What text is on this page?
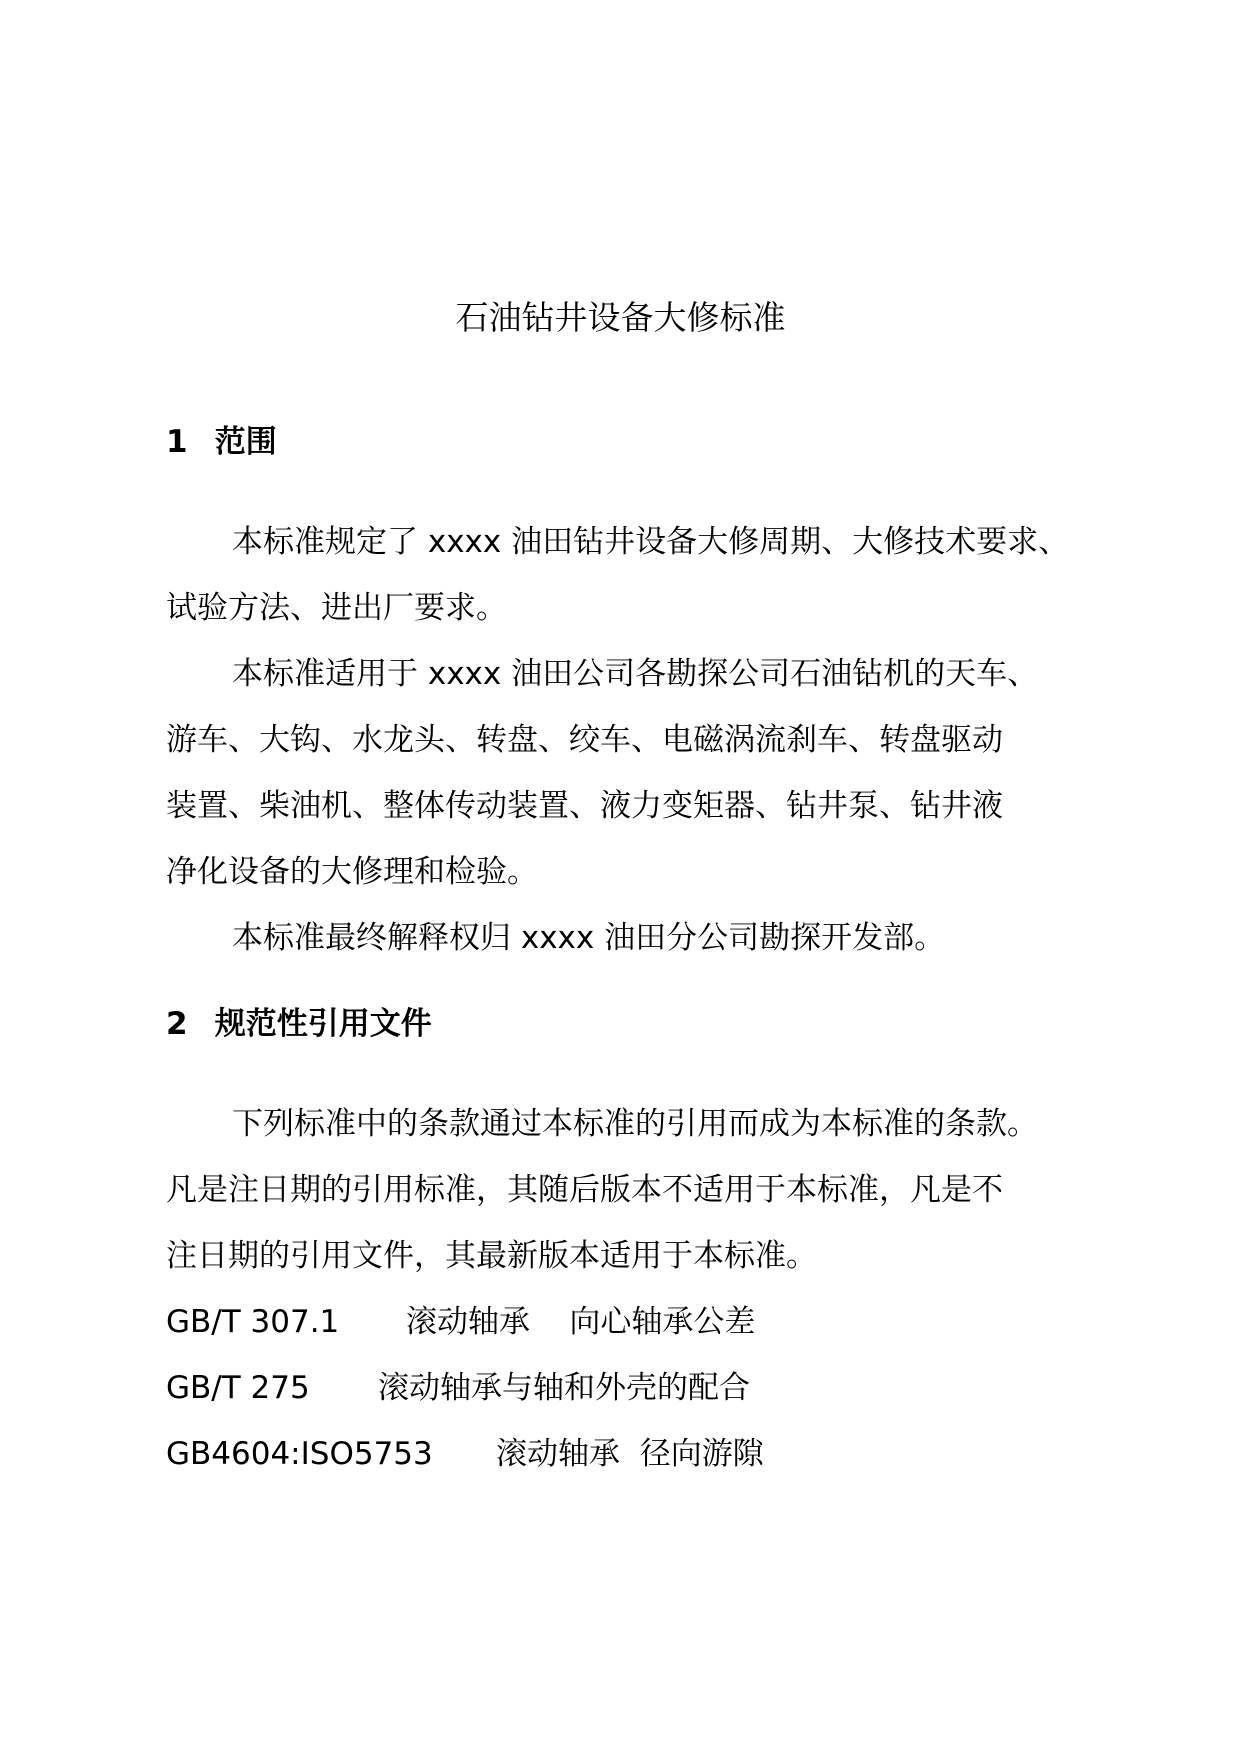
石油钻井设备大修标准
1 范围

本标准规定了 xxxx 油田钻井设备大修周期、大修技术要求、

试验方法、进出厂要求。

本标准适用于 xxxx 油田公司各勘探公司石油钻机的天车、

游车、大钩、水龙头、转盘、绞车、电磁涡流刹车、转盘驱动

装置、柴油机、整体传动装置、液力变矩器、钻井泵、钻井液

净化设备的大修理和检验。

本标准最终解释权归 xxxx 油田分公司勘探开发部。

2 规范性引用文件

下列标准中的条款通过本标准的引用而成为本标准的条款。

凡是注日期的引用标准，其随后版本不适用于本标准，凡是不

注日期的引用文件，其最新版本适用于本标准。

GB/T 307.1 滚动轴承    向心轴承公差
GB/T 275 滚动轴承与轴和外壳的配合
GB4604:ISO5753 滚动轴承  径向游隙
